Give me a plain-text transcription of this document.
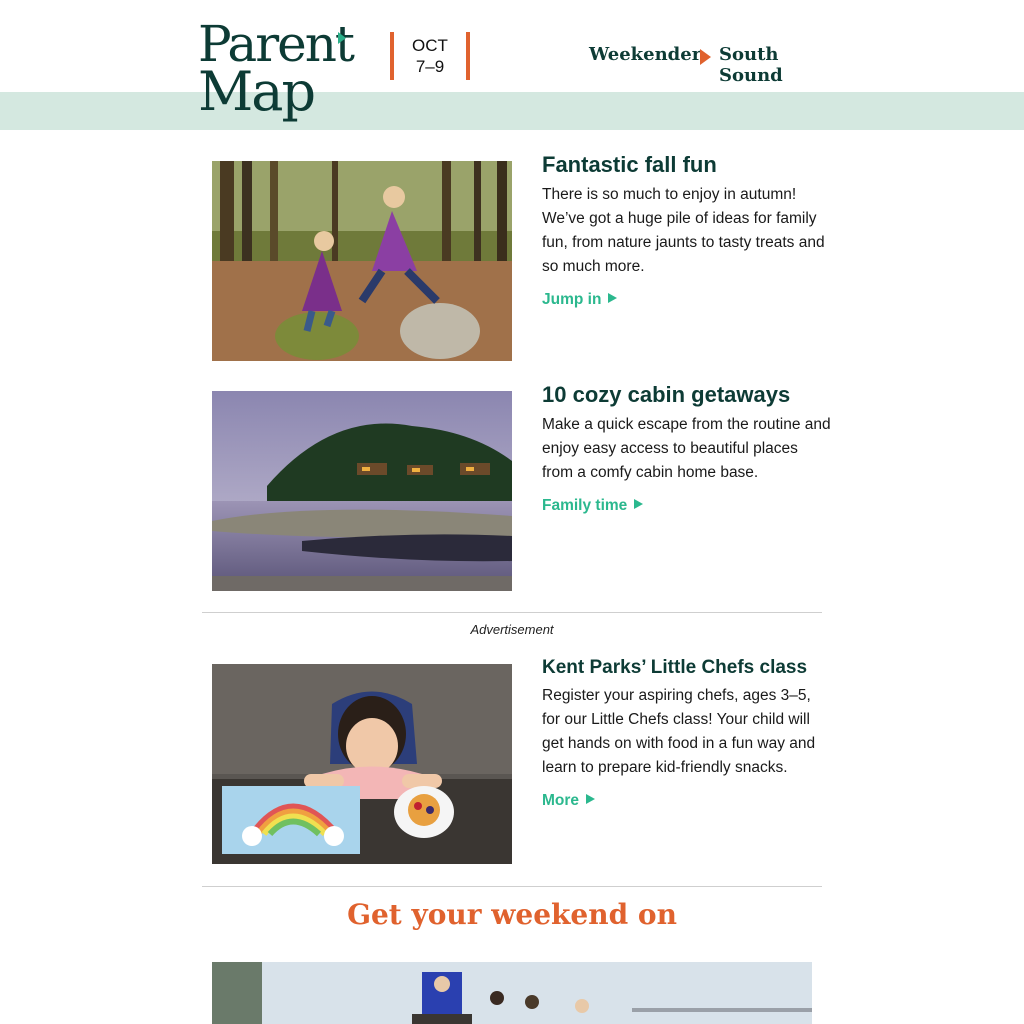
Parent
Map
OCT
7–9
Weekender South Sound
Fantastic fall fun

There is so much to enjoy in autumn! We’ve got a huge pile of ideas for family fun, from nature jaunts to tasty treats and so much more.

Jump in
10 cozy cabin getaways

Make a quick escape from the routine and enjoy easy access to beautiful places from a comfy cabin home base.

Family time
Advertisement
Kent Parks’ Little Chefs class

Register your aspiring chefs, ages 3–5, for our Little Chefs class! Your child will get hands on with food in a fun way and learn to prepare kid-friendly snacks.

More
Get your weekend on
